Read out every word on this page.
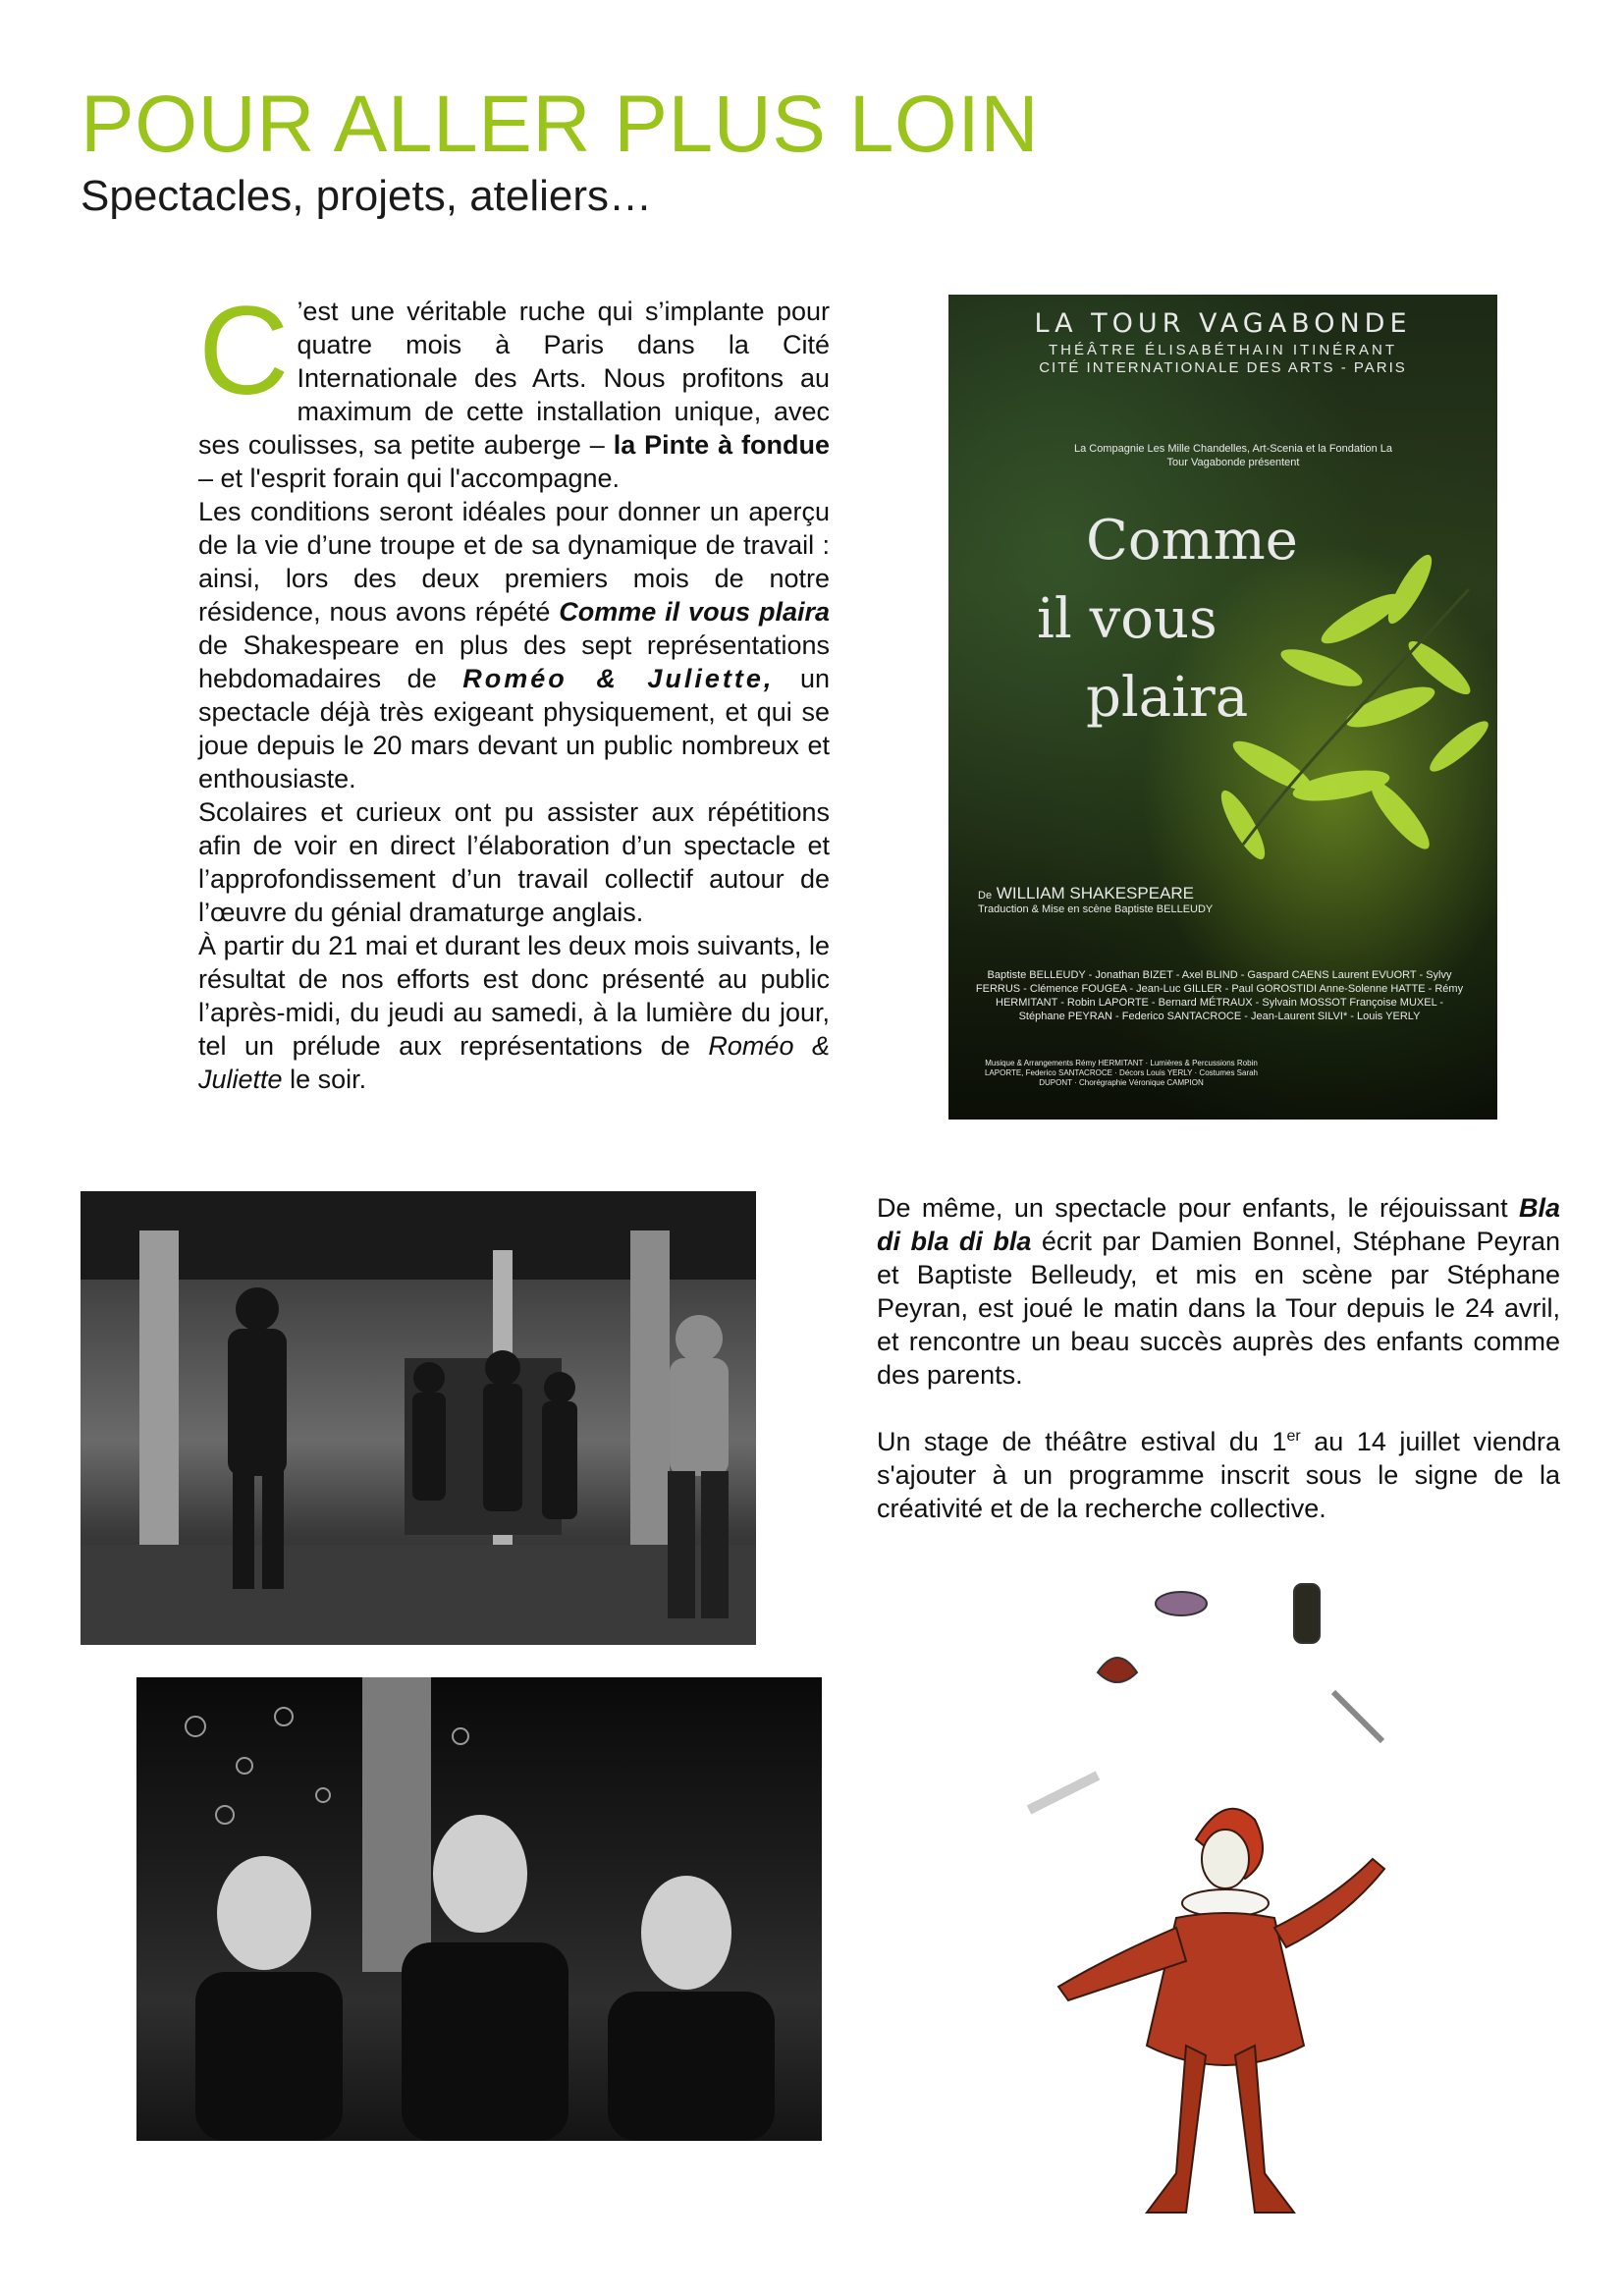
POUR ALLER PLUS LOIN
Spectacles, projets, ateliers…
C ’est une véritable ruche qui s’implante pour quatre mois à Paris dans la Cité Internationale des Arts. Nous profitons au maximum de cette installation unique, avec ses coulisses, sa petite auberge – la Pinte à fondue – et l'esprit forain qui l'accompagne.
Les conditions seront idéales pour donner un aperçu de la vie d’une troupe et de sa dynamique de travail : ainsi, lors des deux premiers mois de notre résidence, nous avons répété Comme il vous plaira de Shakespeare en plus des sept représentations hebdomadaires de Roméo & Juliette, un spectacle déjà très exigeant physiquement, et qui se joue depuis le 20 mars devant un public nombreux et enthousiaste.
Scolaires et curieux ont pu assister aux répétitions afin de voir en direct l’élaboration d’un spectacle et l’approfondissement d’un travail collectif autour de l’œuvre du génial dramaturge anglais.
À partir du 21 mai et durant les deux mois suivants, le résultat de nos efforts est donc présenté au public l’après-midi, du jeudi au samedi, à la lumière du jour, tel un prélude aux représentations de Roméo & Juliette le soir.
LA TOUR VAGABONDE
THÉÂTRE ÉLISABÉTHAIN ITINÉRANT
CITÉ INTERNATIONALE DES ARTS - PARIS
La Compagnie Les Mille Chandelles, Art-Scenia et la Fondation La Tour Vagabonde présentent
Comme
il vous
plaira
De WILLIAM SHAKESPEARE
Traduction & Mise en scène Baptiste BELLEUDY
Baptiste BELLEUDY - Jonathan BIZET - Axel BLIND - Gaspard CAENS Laurent EVUORT - Sylvy FERRUS - Clémence FOUGEA - Jean-Luc GILLER - Paul GOROSTIDI Anne-Solenne HATTE - Rémy HERMITANT - Robin LAPORTE - Bernard MÉTRAUX - Sylvain MOSSOT Françoise MUXEL - Stéphane PEYRAN - Federico SANTACROCE - Jean-Laurent SILVI* - Louis YERLY
Musique & Arrangements Rémy HERMITANT · Lumières & Percussions Robin LAPORTE, Federico SANTACROCE · Décors Louis YERLY · Costumes Sarah DUPONT · Chorégraphie Véronique CAMPION
De même, un spectacle pour enfants, le réjouissant Bla di bla di bla écrit par Damien Bonnel, Stéphane Peyran et Baptiste Belleudy, et mis en scène par Stéphane Peyran, est joué le matin dans la Tour depuis le 24 avril, et rencontre un beau succès auprès des enfants comme des parents.

Un stage de théâtre estival du 1er au 14 juillet viendra s'ajouter à un programme inscrit sous le signe de la créativité et de la recherche collective.
